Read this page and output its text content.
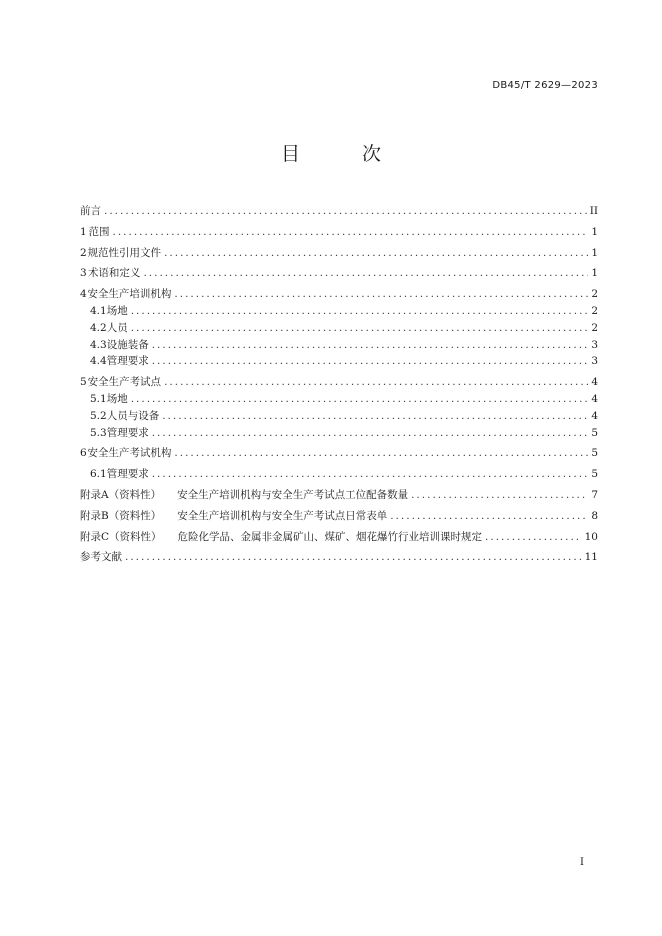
DB45/T 2629—2023
目 次
前言 .....	II
1 范围 .....	1
2 规范性引用文件 .....	1
3 术语和定义 .....	1
4 安全生产培训机构 .....	2
4.1 场地 .....	2
4.2 人员 .....	2
4.3 设施装备 .....	3
4.4 管理要求 .....	3
5 安全生产考试点 .....	4
5.1 场地 .....	4
5.2 人员与设备 .....	4
5.3 管理要求 .....	5
6 安全生产考试机构 .....	5
6.1 管理要求 .....	5
附录A（资料性） 安全生产培训机构与安全生产考试点工位配备数量 .....	7
附录B（资料性） 安全生产培训机构与安全生产考试点日常表单 .....	8
附录C（资料性） 危险化学品、金属非金属矿山、煤矿、烟花爆竹行业培训课时规定 .....	10
参考文献 .....	11
I
